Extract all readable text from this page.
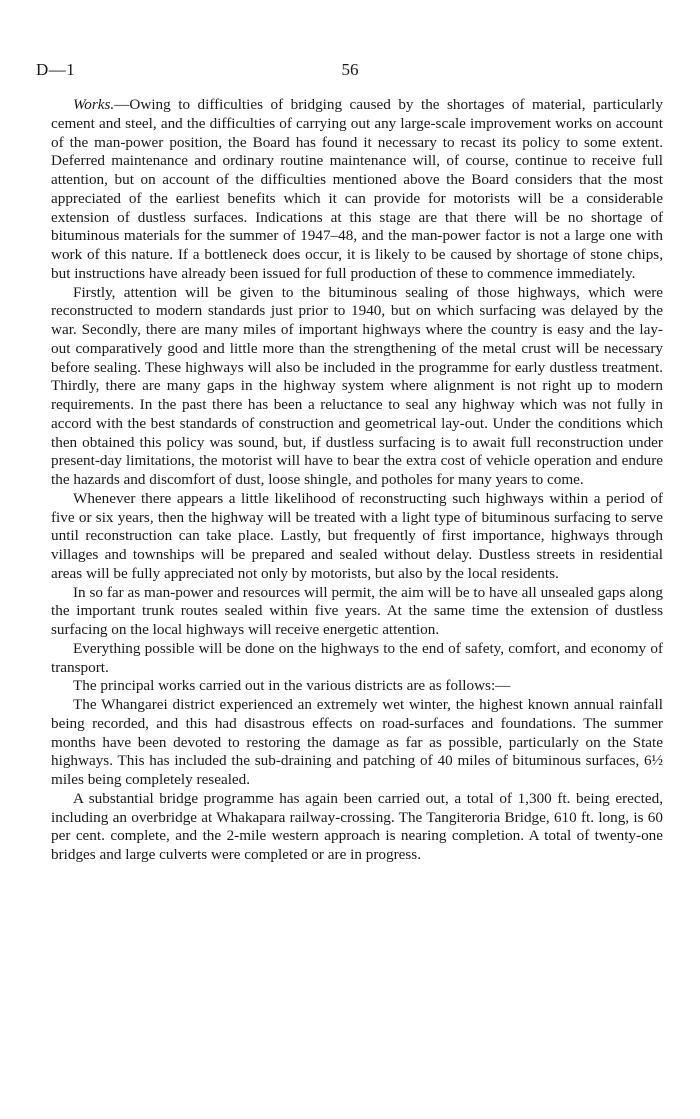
D—1	56

Works.—Owing to difficulties of bridging caused by the shortages of material, particularly cement and steel, and the difficulties of carrying out any large-scale improvement works on account of the man-power position, the Board has found it necessary to recast its policy to some extent. Deferred maintenance and ordinary routine maintenance will, of course, continue to receive full attention, but on account of the difficulties mentioned above the Board considers that the most appreciated of the earliest benefits which it can provide for motorists will be a considerable extension of dustless surfaces. Indications at this stage are that there will be no shortage of bituminous materials for the summer of 1947–48, and the man-power factor is not a large one with work of this nature. If a bottleneck does occur, it is likely to be caused by shortage of stone chips, but instructions have already been issued for full production of these to commence immediately.

Firstly, attention will be given to the bituminous sealing of those highways, which were reconstructed to modern standards just prior to 1940, but on which surfacing was delayed by the war. Secondly, there are many miles of important highways where the country is easy and the lay-out comparatively good and little more than the strengthening of the metal crust will be necessary before sealing. These highways will also be included in the programme for early dustless treatment. Thirdly, there are many gaps in the highway system where alignment is not right up to modern requirements. In the past there has been a reluctance to seal any highway which was not fully in accord with the best standards of construction and geometrical lay-out. Under the conditions which then obtained this policy was sound, but, if dustless surfacing is to await full reconstruction under present-day limitations, the motorist will have to bear the extra cost of vehicle operation and endure the hazards and discomfort of dust, loose shingle, and potholes for many years to come.

Whenever there appears a little likelihood of reconstructing such highways within a period of five or six years, then the highway will be treated with a light type of bituminous surfacing to serve until reconstruction can take place. Lastly, but frequently of first importance, highways through villages and townships will be prepared and sealed without delay. Dustless streets in residential areas will be fully appreciated not only by motorists, but also by the local residents.

In so far as man-power and resources will permit, the aim will be to have all unsealed gaps along the important trunk routes sealed within five years. At the same time the extension of dustless surfacing on the local highways will receive energetic attention.

Everything possible will be done on the highways to the end of safety, comfort, and economy of transport.

The principal works carried out in the various districts are as follows:—

The Whangarei district experienced an extremely wet winter, the highest known annual rainfall being recorded, and this had disastrous effects on road-surfaces and foundations. The summer months have been devoted to restoring the damage as far as possible, particularly on the State highways. This has included the sub-draining and patching of 40 miles of bituminous surfaces, 6½ miles being completely resealed.

A substantial bridge programme has again been carried out, a total of 1,300 ft. being erected, including an overbridge at Whakapara railway-crossing. The Tangiteroria Bridge, 610 ft. long, is 60 per cent. complete, and the 2-mile western approach is nearing completion. A total of twenty-one bridges and large culverts were completed or are in progress.
